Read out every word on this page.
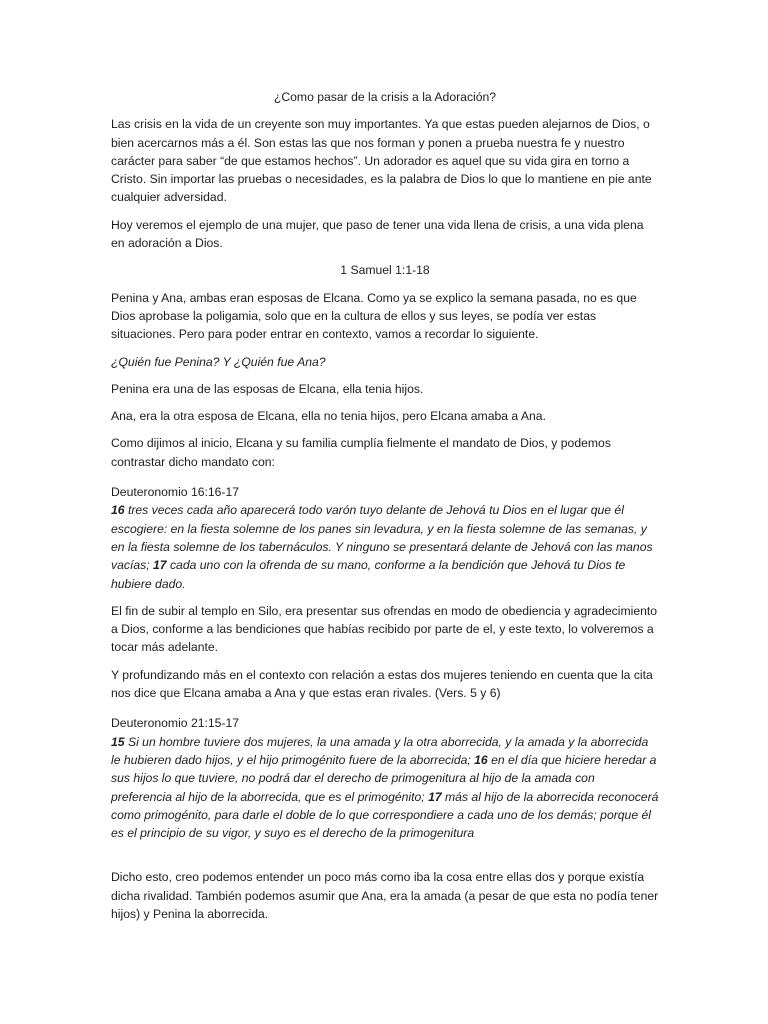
¿Como pasar de la crisis a la Adoración?

Las crisis en la vida de un creyente son muy importantes. Ya que estas pueden alejarnos de Dios, o bien acercarnos más a él. Son estas las que nos forman y ponen a prueba nuestra fe y nuestro carácter para saber “de que estamos hechos”. Un adorador es aquel que su vida gira en torno a Cristo. Sin importar las pruebas o necesidades, es la palabra de Dios lo que lo mantiene en pie ante cualquier adversidad.

Hoy veremos el ejemplo de una mujer, que paso de tener una vida llena de crisis, a una vida plena en adoración a Dios.

1 Samuel 1:1-18

Penina y Ana, ambas eran esposas de Elcana. Como ya se explico la semana pasada, no es que Dios aprobase la poligamia, solo que en la cultura de ellos y sus leyes, se podía ver estas situaciones. Pero para poder entrar en contexto, vamos a recordar lo siguiente.

¿Quién fue Penina? Y ¿Quién fue Ana?

Penina era una de las esposas de Elcana, ella tenia hijos.

Ana, era la otra esposa de Elcana, ella no tenia hijos, pero Elcana amaba a Ana.

Como dijimos al inicio, Elcana y su familia cumplía fielmente el mandato de Dios, y podemos contrastar dicho mandato con:

Deuteronomio 16:16-17

16 tres veces cada año aparecerá todo varón tuyo delante de Jehová tu Dios en el lugar que él escogiere: en la fiesta solemne de los panes sin levadura, y en la fiesta solemne de las semanas, y en la fiesta solemne de los tabernáculos. Y ninguno se presentará delante de Jehová con las manos vacías; 17 cada uno con la ofrenda de su mano, conforme a la bendición que Jehová tu Dios te hubiere dado.

El fin de subir al templo en Silo, era presentar sus ofrendas en modo de obediencia y agradecimiento a Dios, conforme a las bendiciones que habías recibido por parte de el, y este texto, lo volveremos a tocar más adelante.

Y profundizando más en el contexto con relación a estas dos mujeres teniendo en cuenta que la cita nos dice que Elcana amaba a Ana y que estas eran rivales. (Vers. 5 y 6)

Deuteronomio 21:15-17

15 Si un hombre tuviere dos mujeres, la una amada y la otra aborrecida, y la amada y la aborrecida le hubieren dado hijos, y el hijo primogénito fuere de la aborrecida; 16 en el día que hiciere heredar a sus hijos lo que tuviere, no podrá dar el derecho de primogenitura al hijo de la amada con preferencia al hijo de la aborrecida, que es el primogénito; 17 más al hijo de la aborrecida reconocerá como primogénito, para darle el doble de lo que correspondiere a cada uno de los demás; porque él es el principio de su vigor, y suyo es el derecho de la primogenitura

Dicho esto, creo podemos entender un poco más como iba la cosa entre ellas dos y porque existía dicha rivalidad. También podemos asumir que Ana, era la amada (a pesar de que esta no podía tener hijos) y Penina la aborrecida.
